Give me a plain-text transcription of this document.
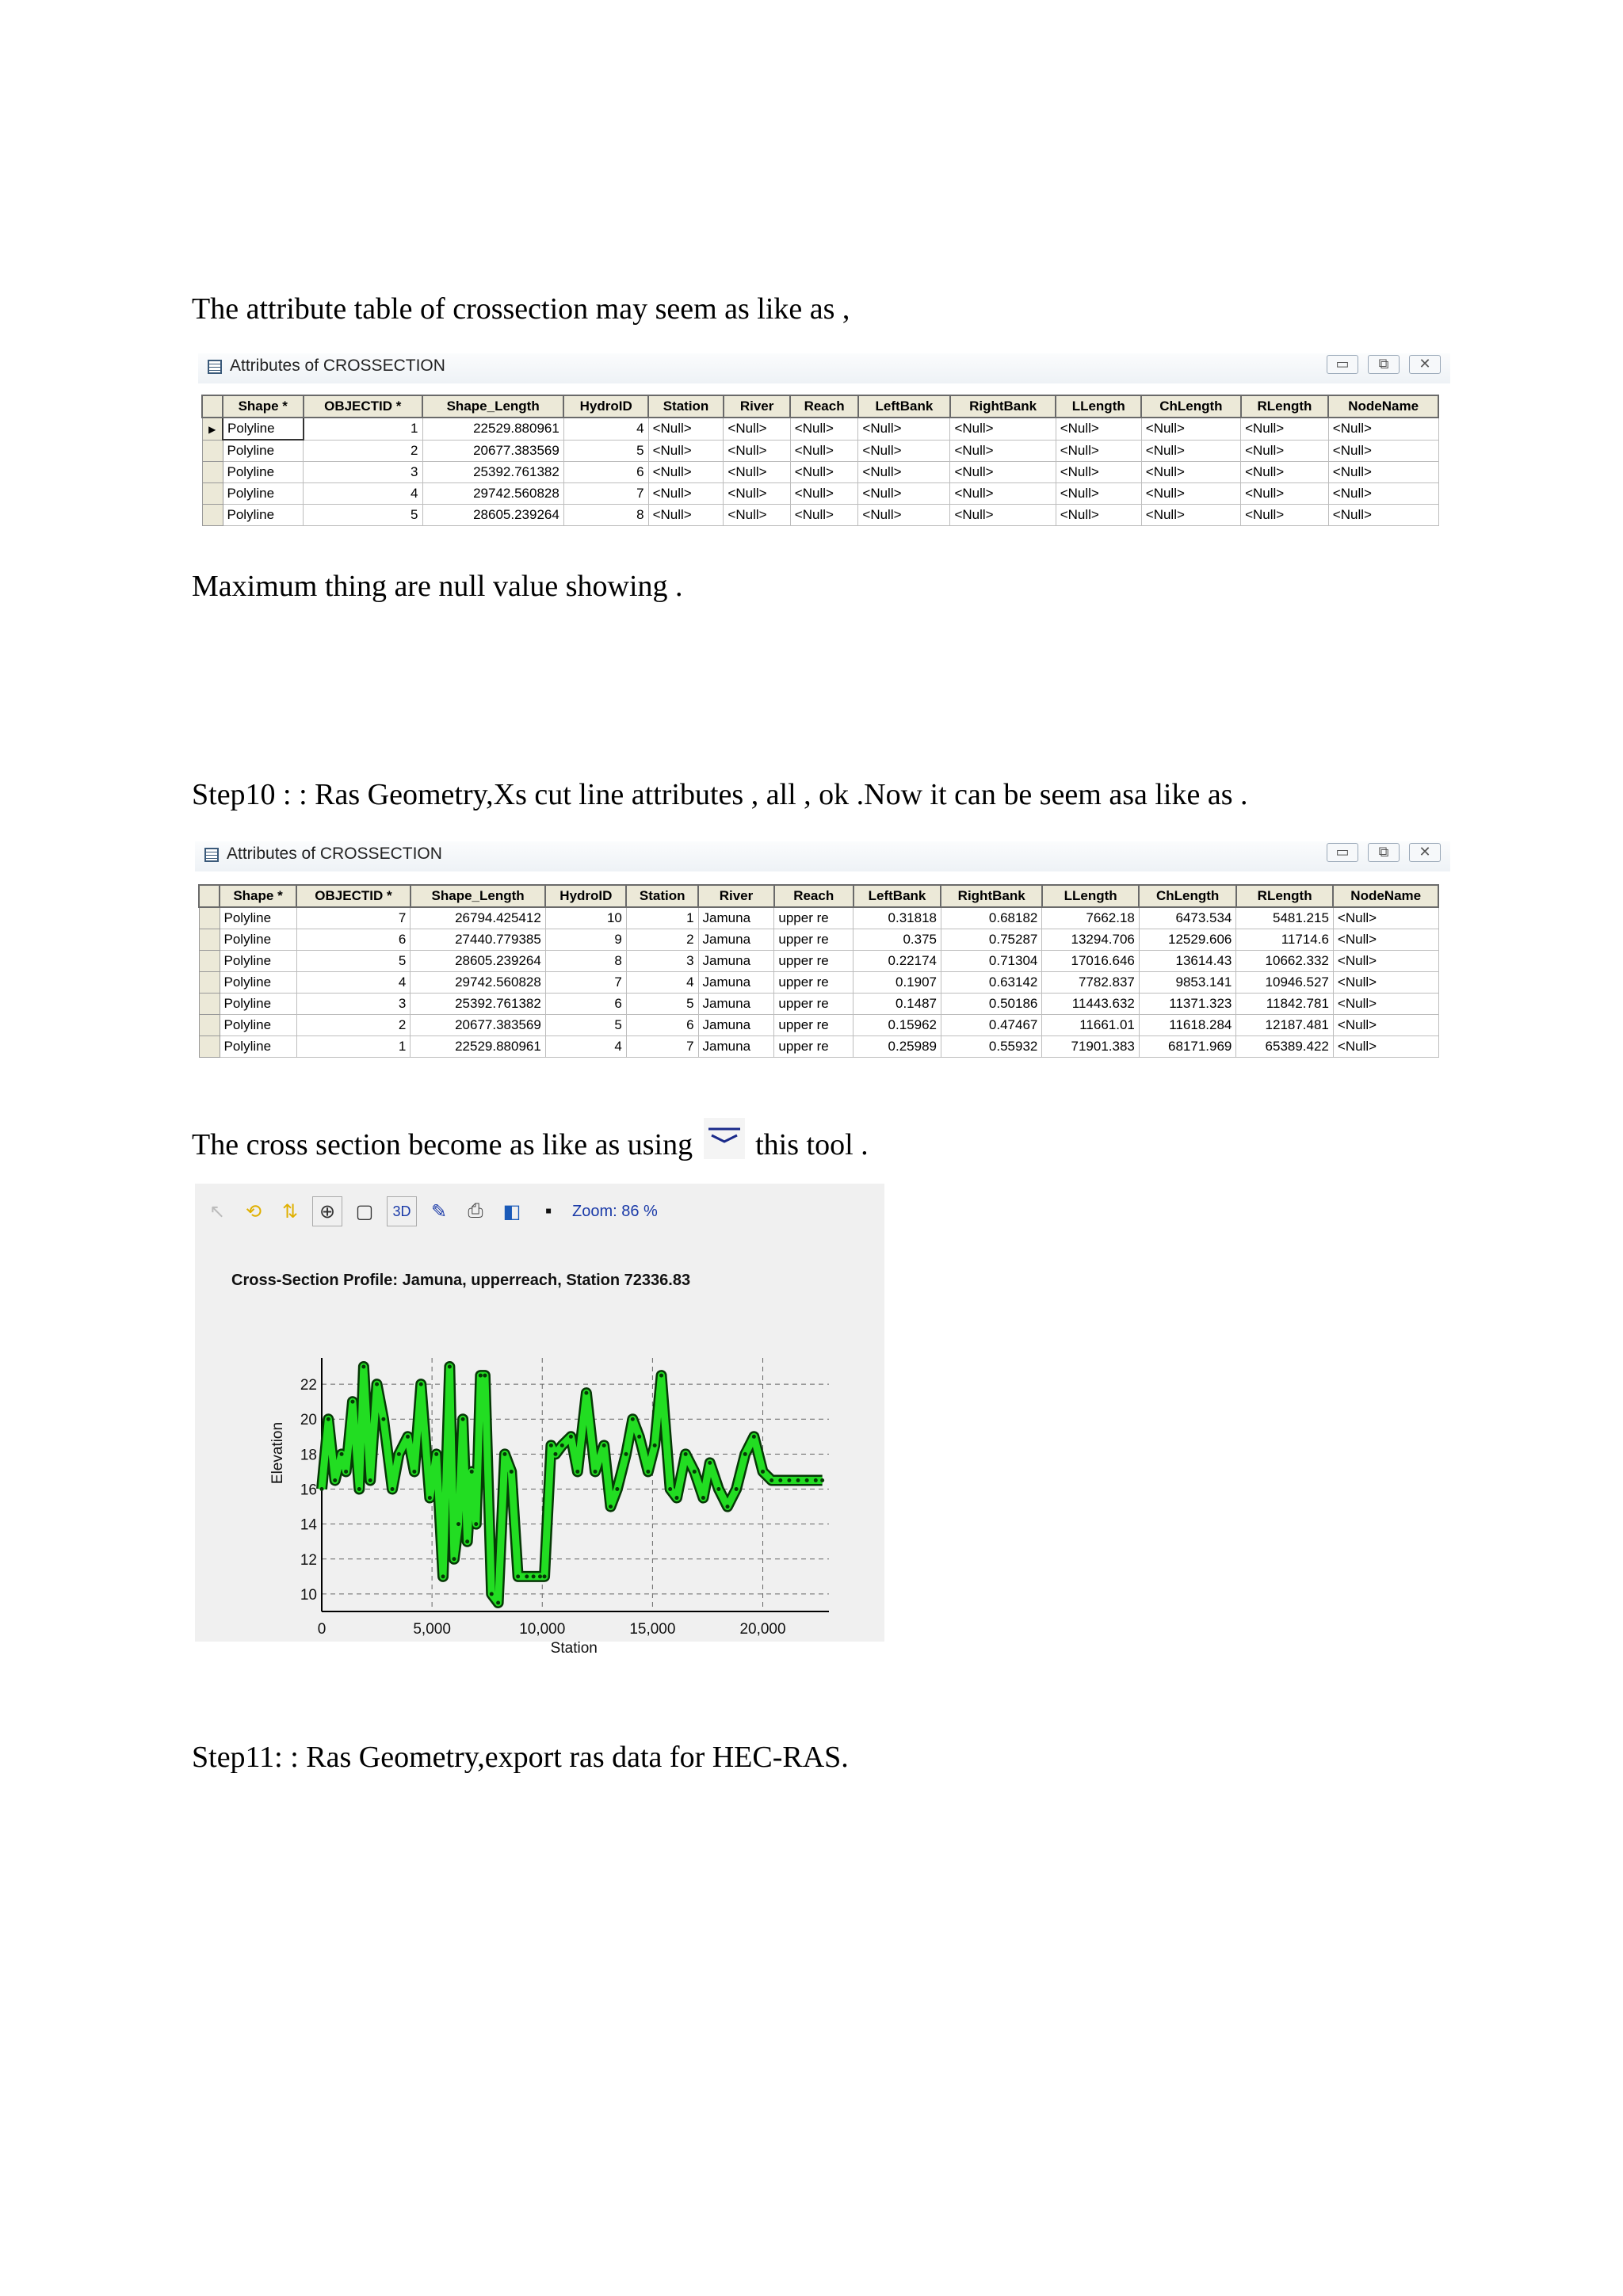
The attribute table of crossection may seem as like as ,
Attributes of CROSSECTION	▭	⧉	✕
	Shape *	OBJECTID *	Shape_Length	HydroID	Station	River	Reach	LeftBank	RightBank	LLength	ChLength	RLength	NodeName
▶	Polyline	1	22529.880961	4	<Null>	<Null>	<Null>	<Null>	<Null>	<Null>	<Null>	<Null>	<Null>
	Polyline	2	20677.383569	5	<Null>	<Null>	<Null>	<Null>	<Null>	<Null>	<Null>	<Null>	<Null>
	Polyline	3	25392.761382	6	<Null>	<Null>	<Null>	<Null>	<Null>	<Null>	<Null>	<Null>	<Null>
	Polyline	4	29742.560828	7	<Null>	<Null>	<Null>	<Null>	<Null>	<Null>	<Null>	<Null>	<Null>
	Polyline	5	28605.239264	8	<Null>	<Null>	<Null>	<Null>	<Null>	<Null>	<Null>	<Null>	<Null>
Maximum thing are null value showing .
Step10 : : Ras Geometry,Xs cut line attributes , all , ok .Now it can be seem asa like as .
Attributes of CROSSECTION	▭	⧉	✕
	Shape *	OBJECTID *	Shape_Length	HydroID	Station	River	Reach	LeftBank	RightBank	LLength	ChLength	RLength	NodeName
	Polyline	7	26794.425412	10	1	Jamuna	upper re	0.31818	0.68182	7662.18	6473.534	5481.215	<Null>
	Polyline	6	27440.779385	9	2	Jamuna	upper re	0.375	0.75287	13294.706	12529.606	11714.6	<Null>
	Polyline	5	28605.239264	8	3	Jamuna	upper re	0.22174	0.71304	17016.646	13614.43	10662.332	<Null>
	Polyline	4	29742.560828	7	4	Jamuna	upper re	0.1907	0.63142	7782.837	9853.141	10946.527	<Null>
	Polyline	3	25392.761382	6	5	Jamuna	upper re	0.1487	0.50186	11443.632	11371.323	11842.781	<Null>
	Polyline	2	20677.383569	5	6	Jamuna	upper re	0.15962	0.47467	11661.01	11618.284	12187.481	<Null>
	Polyline	1	22529.880961	4	7	Jamuna	upper re	0.25989	0.55932	71901.383	68171.969	65389.422	<Null>
The cross section become as like as using this tool .
↖	⟲	⇅	⊕	▢	3D	✎	⎙	◧	▪	Zoom: 86 %
Cross-Section Profile: Jamuna, upperreach, Station 72336.83
10
12
14
16
18
20
22
0	5,000	10,000	15,000	20,000
Station
Elevation
Step11: : Ras Geometry,export ras data for HEC-RAS.
